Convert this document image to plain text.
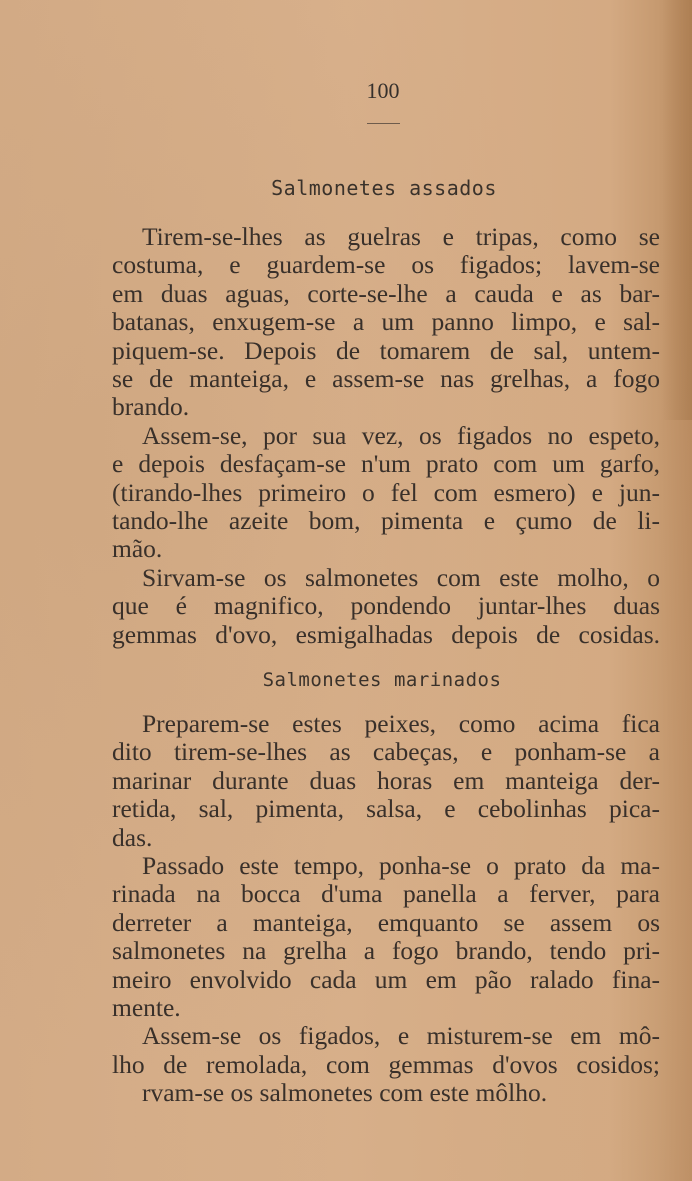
100
Salmonetes assados
Tirem-se-lhes as guelras e tripas, como se
costuma, e guardem-se os figados; lavem-se
em duas aguas, corte-se-lhe a cauda e as bar-
batanas, enxugem-se a um panno limpo, e sal-
piquem-se. Depois de tomarem de sal, untem-
se de manteiga, e assem-se nas grelhas, a fogo
brando.
Assem-se, por sua vez, os figados no espeto,
e depois desfaçam-se n'um prato com um garfo,
(tirando-lhes primeiro o fel com esmero) e jun-
tando-lhe azeite bom, pimenta e çumo de li-
mão.
Sirvam-se os salmonetes com este molho, o
que é magnifico, pondendo juntar-lhes duas
gemmas d'ovo, esmigalhadas depois de cosidas.
Salmonetes marinados
Preparem-se estes peixes, como acima fica
dito tirem-se-lhes as cabeças, e ponham-se a
marinar durante duas horas em manteiga der-
retida, sal, pimenta, salsa, e cebolinhas pica-
das.
Passado este tempo, ponha-se o prato da ma-
rinada na bocca d'uma panella a ferver, para
derreter a manteiga, emquanto se assem os
salmonetes na grelha a fogo brando, tendo pri-
meiro envolvido cada um em pão ralado fina-
mente.
Assem-se os figados, e misturem-se em mô-
lho de remolada, com gemmas d'ovos cosidos;
rvam-se os salmonetes com este môlho.
